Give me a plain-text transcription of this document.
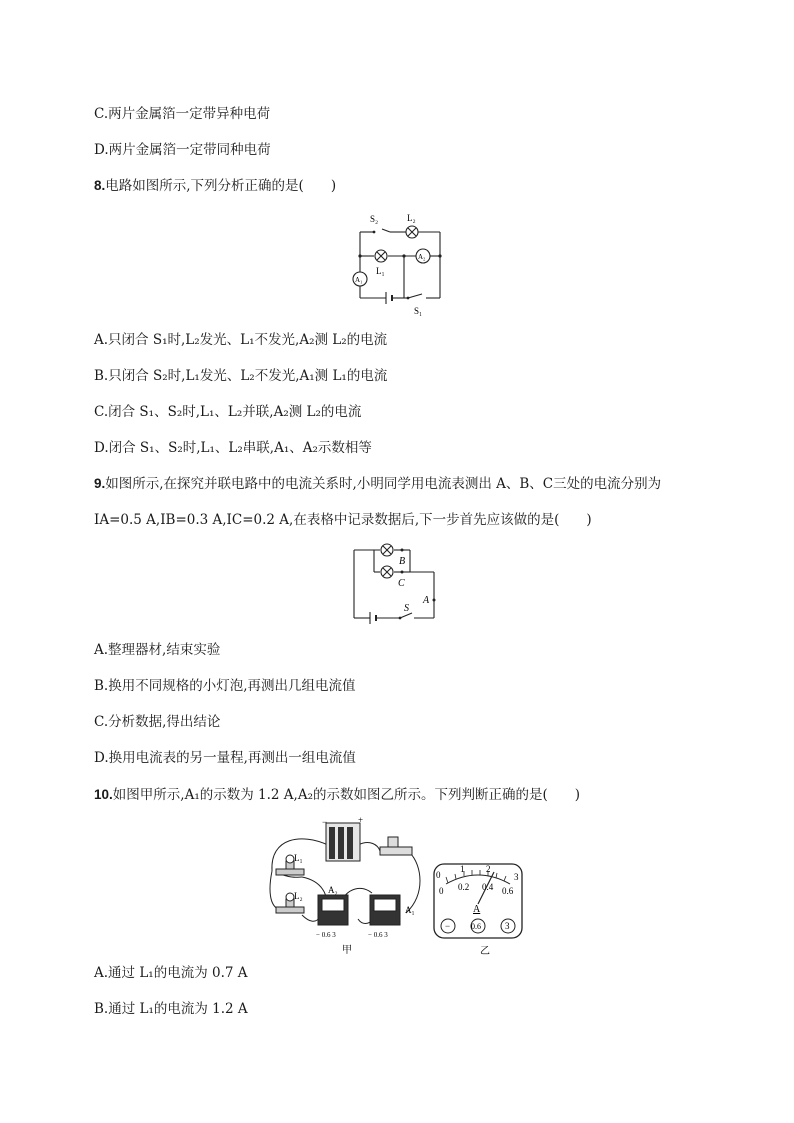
C.两片金属箔一定带异种电荷
D.两片金属箔一定带同种电荷
8.电路如图所示,下列分析正确的是(　　)
S₂	L₂
L₁
A₁
A₂
S₁
A.只闭合 S₁时,L₂发光、L₁不发光,A₂测 L₂的电流
B.只闭合 S₂时,L₁发光、L₂不发光,A₁测 L₁的电流
C.闭合 S₁、S₂时,L₁、L₂并联,A₂测 L₂的电流
D.闭合 S₁、S₂时,L₁、L₂串联,A₁、A₂示数相等
9.如图所示,在探究并联电路中的电流关系时,小明同学用电流表测出 A、B、C三处的电流分别为
IA=0.5 A,IB=0.3 A,IC=0.2 A,在表格中记录数据后,下一步首先应该做的是(　　)
B
C
A
S
A.整理器材,结束实验
B.换用不同规格的小灯泡,再测出几组电流值
C.分析数据,得出结论
D.换用电流表的另一量程,再测出一组电流值
10.如图甲所示,A₁的示数为 1.2 A,A₂的示数如图乙所示。下列判断正确的是(　　)
−	+
L₁
L₂
A₂
− 0.6 3
A₁
− 0.6 3
甲
0
1 2
3
0 0.2 0.4 0.6
A
−	0.6	3
乙
A.通过 L₁的电流为 0.7 A
B.通过 L₁的电流为 1.2 A
